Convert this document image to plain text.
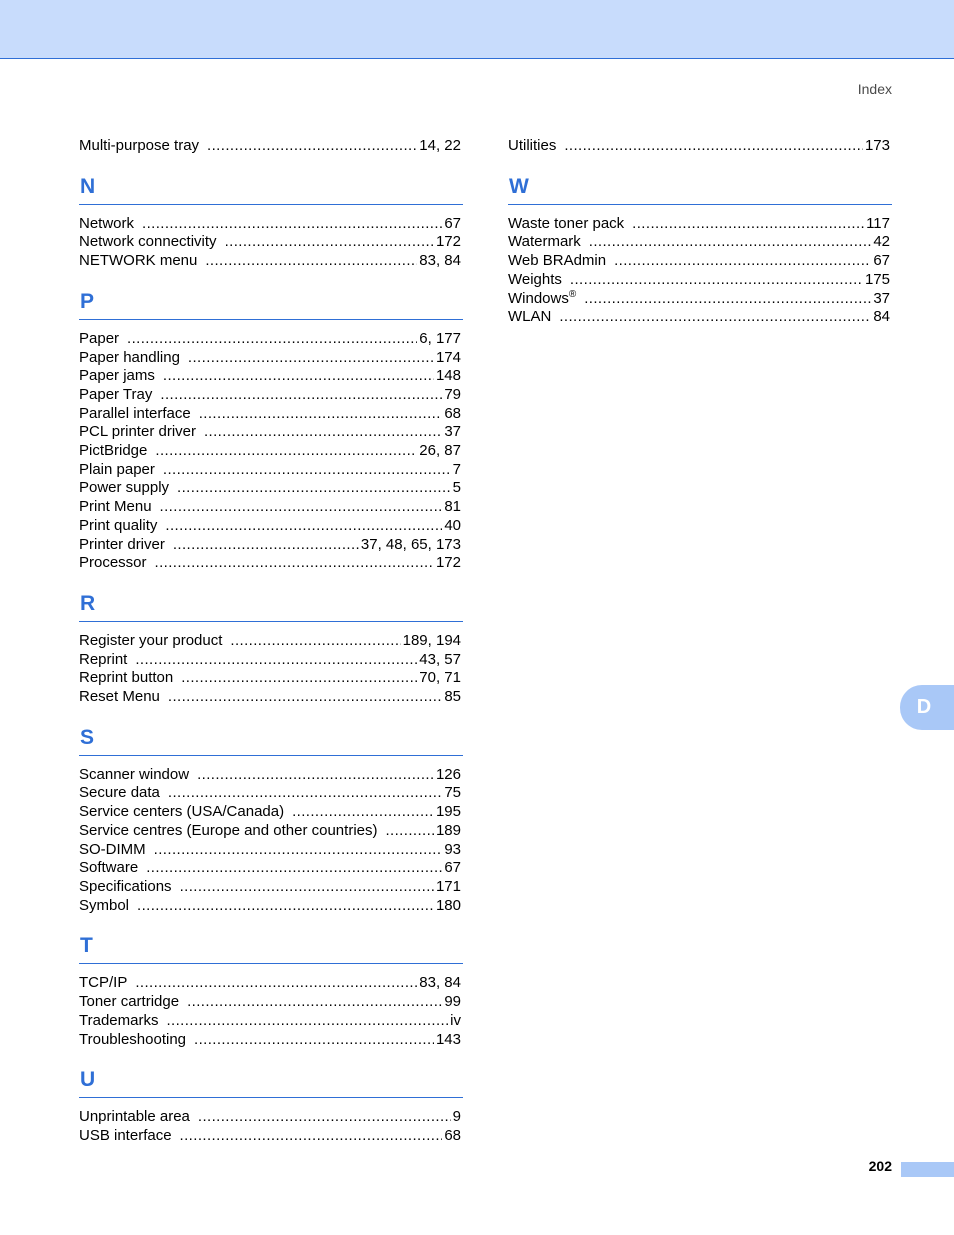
Index
Multi-purpose tray .....	14, 22
N
Network .....	67
Network connectivity .....	172
NETWORK menu .....	83, 84
P
Paper .....	6, 177
Paper handling .....	174
Paper jams .....	148
Paper Tray .....	79
Parallel interface .....	68
PCL printer driver .....	37
PictBridge .....	26, 87
Plain paper .....	7
Power supply .....	5
Print Menu .....	81
Print quality .....	40
Printer driver .....	37, 48, 65, 173
Processor .....	172
R
Register your product .....	189, 194
Reprint .....	43, 57
Reprint button .....	70, 71
Reset Menu .....	85
S
Scanner window .....	126
Secure data .....	75
Service centers (USA/Canada) .....	195
Service centres (Europe and other countries) .....	189
SO-DIMM .....	93
Software .....	67
Specifications .....	171
Symbol .....	180
T
TCP/IP .....	83, 84
Toner cartridge .....	99
Trademarks .....	iv
Troubleshooting .....	143
U
Unprintable area .....	9
USB interface .....	68
Utilities .....	173
W
Waste toner pack .....	117
Watermark .....	42
Web BRAdmin .....	67
Weights .....	175
Windows® .....	37
WLAN .....	84
D
202
